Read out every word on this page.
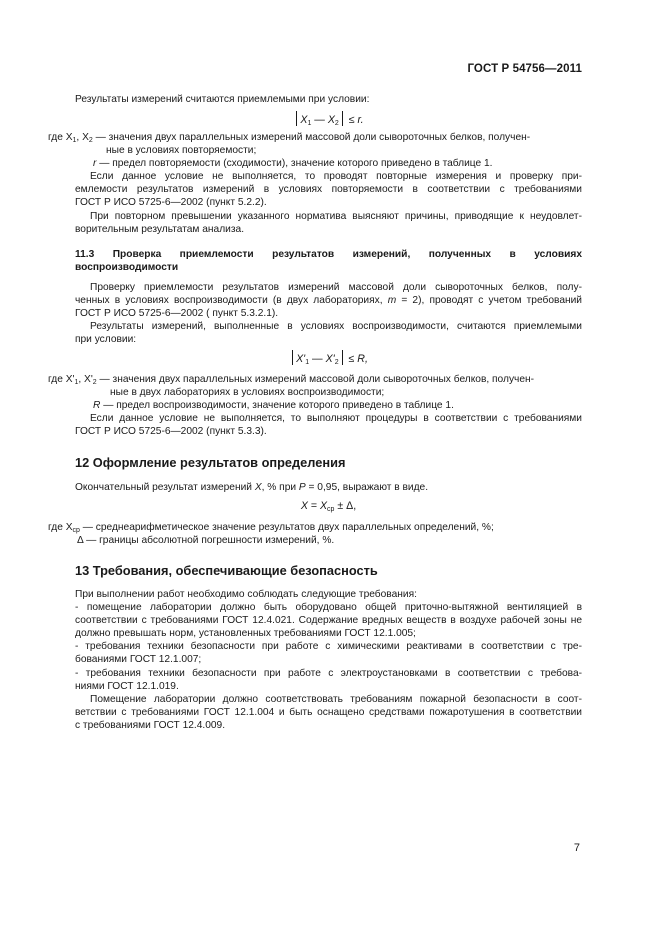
ГОСТ Р 54756—2011
Результаты измерений считаются приемлемыми при условии:
$X_1$ — $X_2 \le r$.
где $X_1$, $X_2$ — значения двух параллельных измерений массовой доли сывороточных белков, получен-
ные в условиях повторяемости;
r — предел повторяемости (сходимости), значение которого приведено в таблице 1.
Если данное условие не выполняется, то проводят повторные измерения и проверку при-
емлемости результатов измерений в условиях повторяемости в соответствии с требованиями
ГОСТ Р ИСО 5725-6—2002 (пункт 5.2.2).
При повторном превышении указанного норматива выясняют причины, приводящие к неудовлет-
ворительным результатам анализа.
11.3 Проверка приемлемости результатов измерений, полученных в условиях
воспроизводимости
Проверку приемлемости результатов измерений массовой доли сывороточных белков, полу-
ченных в условиях воспроизводимости (в двух лабораториях, m = 2), проводят с учетом требований
ГОСТ Р ИСО 5725-6—2002 ( пункт 5.3.2.1).
Результаты измерений, выполненные в условиях воспроизводимости, считаются приемлемыми
при условии:
$X'_1$ — $X'_2 \le R$,
где $X'_1$, $X'_2$ — значения двух параллельных измерений массовой доли сывороточных белков, получен-
ные в двух лабораториях в условиях воспроизводимости;
R — предел воспроизводимости, значение которого приведено в таблице 1.
Если данное условие не выполняется, то выполняют процедуры в соответствии с требованиями
ГОСТ Р ИСО 5725-6—2002 (пункт 5.3.3).
12 Оформление результатов определения
Окончательный результат измерений X, % при P = 0,95, выражают в виде.
$X = X_{ср} \pm \Delta$,
где $X_{ср}$ — среднеарифметическое значение результатов двух параллельных определений, %;
Δ — границы абсолютной погрешности измерений, %.
13 Требования, обеспечивающие безопасность
При выполнении работ необходимо соблюдать следующие требования:
- помещение лаборатории должно быть оборудовано общей приточно-вытяжной вентиляцией в
соответствии с требованиями ГОСТ 12.4.021. Содержание вредных веществ в воздухе рабочей зоны не
должно превышать норм, установленных требованиями ГОСТ 12.1.005;
- требования техники безопасности при работе с химическими реактивами в соответствии с тре-
бованиями ГОСТ 12.1.007;
- требования техники безопасности при работе с электроустановками в соответствии с требова-
ниями ГОСТ 12.1.019.
Помещение лаборатории должно соответствовать требованиям пожарной безопасности в соот-
ветствии с требованиями ГОСТ 12.1.004 и быть оснащено средствами пожаротушения в соответствии
с требованиями ГОСТ 12.4.009.
7
